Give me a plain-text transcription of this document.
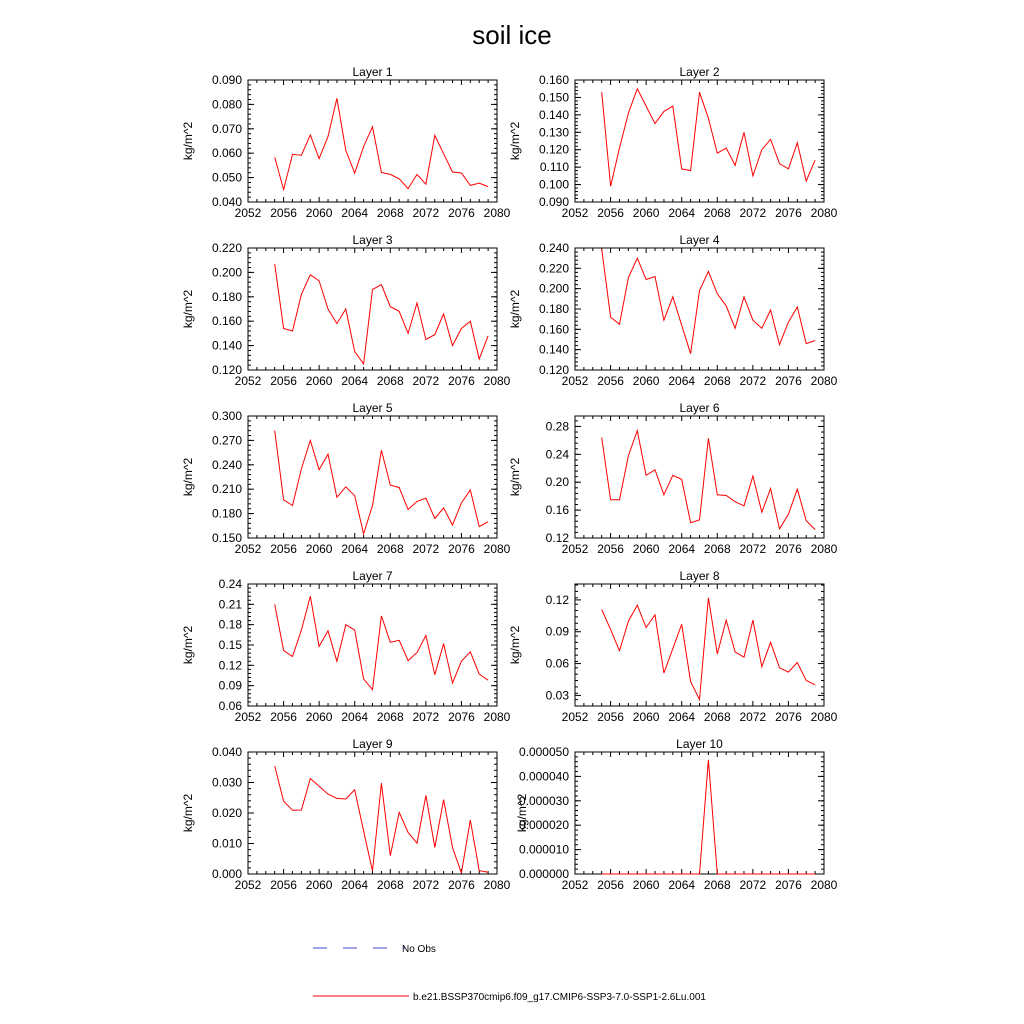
soil ice
Layer 1
2052 2056 2060 2064 2068 2072 2076 2080
0.040
0.050
0.060
0.070
0.080
0.090
kg/m^2
Layer 2
2052 2056 2060 2064 2068 2072 2076 2080
0.090
0.100
0.110
0.120
0.130
0.140
0.150
0.160
kg/m^2
Layer 3
2052 2056 2060 2064 2068 2072 2076 2080
0.120
0.140
0.160
0.180
0.200
0.220
kg/m^2
Layer 4
2052 2056 2060 2064 2068 2072 2076 2080
0.120
0.140
0.160
0.180
0.200
0.220
0.240
kg/m^2
Layer 5
2052 2056 2060 2064 2068 2072 2076 2080
0.150
0.180
0.210
0.240
0.270
0.300
kg/m^2
Layer 6
2052 2056 2060 2064 2068 2072 2076 2080
0.12
0.16
0.20
0.24
0.28
kg/m^2
Layer 7
2052 2056 2060 2064 2068 2072 2076 2080
0.06
0.09
0.12
0.15
0.18
0.21
0.24
kg/m^2
Layer 8
2052 2056 2060 2064 2068 2072 2076 2080
0.03
0.06
0.09
0.12
kg/m^2
Layer 9
2052 2056 2060 2064 2068 2072 2076 2080
0.000
0.010
0.020
0.030
0.040
kg/m^2
Layer 10
2052 2056 2060 2064 2068 2072 2076 2080
0.000000
0.000010
0.000020
0.000030
0.000040
0.000050
kg/m^2
No Obs
b.e21.BSSP370cmip6.f09_g17.CMIP6-SSP3-7.0-SSP1-2.6Lu.001
